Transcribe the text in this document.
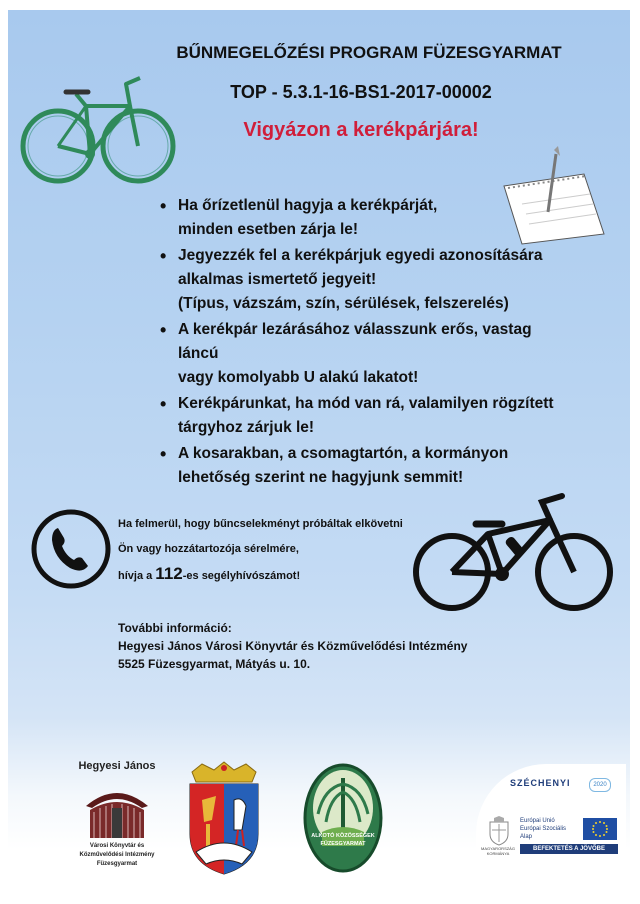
BŰNMEGELŐZÉSI PROGRAM FÜZESGYARMAT
TOP - 5.3.1-16-BS1-2017-00002
Vigyázon a kerékpárjára!
• Ha őrízetlenül hagyja a kerékpárját,
minden esetben zárja le!
• Jegyezzék fel a kerékpárjuk egyedi azonosítására
alkalmas ismertető jegyeit!
(Típus, vázszám, szín, sérülések, felszerelés)
• A kerékpár lezárásához válasszunk erős, vastag láncú
vagy komolyabb U alakú lakatot!
• Kerékpárunkat, ha mód van rá, valamilyen rögzített
tárgyhoz zárjuk le!
• A kosarakban, a csomagtartón, a kormányon
lehetőség szerint ne hagyjunk semmit!
Ha felmerül, hogy bűncselekményt próbáltak elkövetni
Ön vagy hozzátartozója sérelmére,
hívja a 112-es segélyhívószámot!
További információ:
Hegyesi János Városi Könyvtár és Közművelődési Intézmény
5525 Füzesgyarmat, Mátyás u. 10.
Hegyesi János
Városi Könyvtár és
Közművelődési Intézmény
Füzesgyarmat
ALKOTÓ KÖZÖSSÉGEK
FÜZESGYARMAT
SZÉCHENYI	2020
MAGYARORSZÁG
KORMÁNYA
Európai Unió
Európai Szociális
Alap
BEFEKTETÉS A JÖVŐBE
